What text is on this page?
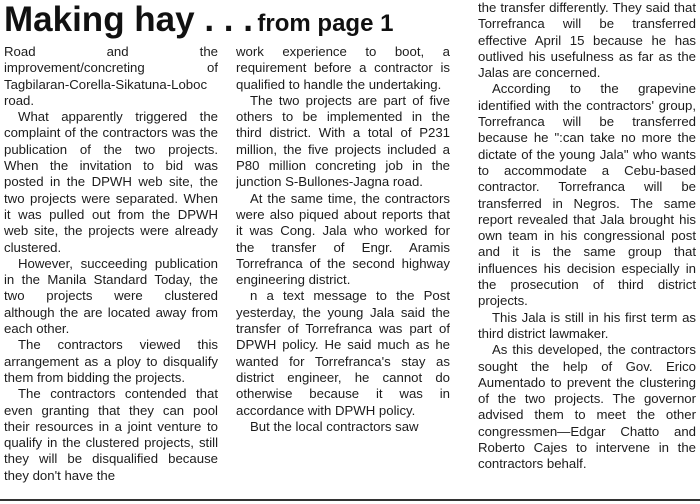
Making hay . . . from page 1

Road and the improvement/concreting of Tagbilaran-Corella-Sikatuna-Loboc road.

What apparently triggered the complaint of the contractors was the publication of the two projects. When the invitation to bid was posted in the DPWH web site, the two projects were separated. When it was pulled out from the DPWH web site, the projects were already clustered.

However, succeeding publication in the Manila Standard Today, the two projects were clustered although the are located away from each other.

The contractors viewed this arrangement as a ploy to disqualify them from bidding the projects.

The contractors contended that even granting that they can pool their resources in a joint venture to qualify in the clustered projects, still they will be disqualified because they don't have the

work experience to boot, a requirement before a contractor is qualified to handle the undertaking.

The two projects are part of five others to be implemented in the third district. With a total of P231 million, the five projects included a P80 million concreting job in the junction S-Bullones-Jagna road.

At the same time, the contractors were also piqued about reports that it was Cong. Jala who worked for the transfer of Engr. Aramis Torrefranca of the second highway engineering district.

n a text message to the Post yesterday, the young Jala said the transfer of Torrefranca was part of DPWH policy. He said much as he wanted for Torrefranca's stay as district engineer, he cannot do otherwise because it was in accordance with DPWH policy.

But the local contractors saw

the transfer differently. They said that Torrefranca will be transferred effective April 15 because he has outlived his usefulness as far as the Jalas are concerned.

According to the grapevine identified with the contractors' group, Torrefranca will be transferred because he ":can take no more the dictate of the young Jala" who wants to accommodate a Cebu-based contractor. Torrefranca will be transferred in Negros. The same report revealed that Jala brought his own team in his congressional post and it is the same group that influences his decision especially in the prosecution of third district projects.

This Jala is still in his first term as third district lawmaker.

As this developed, the contractors sought the help of Gov. Erico Aumentado to prevent the clustering of the two projects. The governor advised them to meet the other congressmen—Edgar Chatto and Roberto Cajes to intervene in the contractors behalf.
